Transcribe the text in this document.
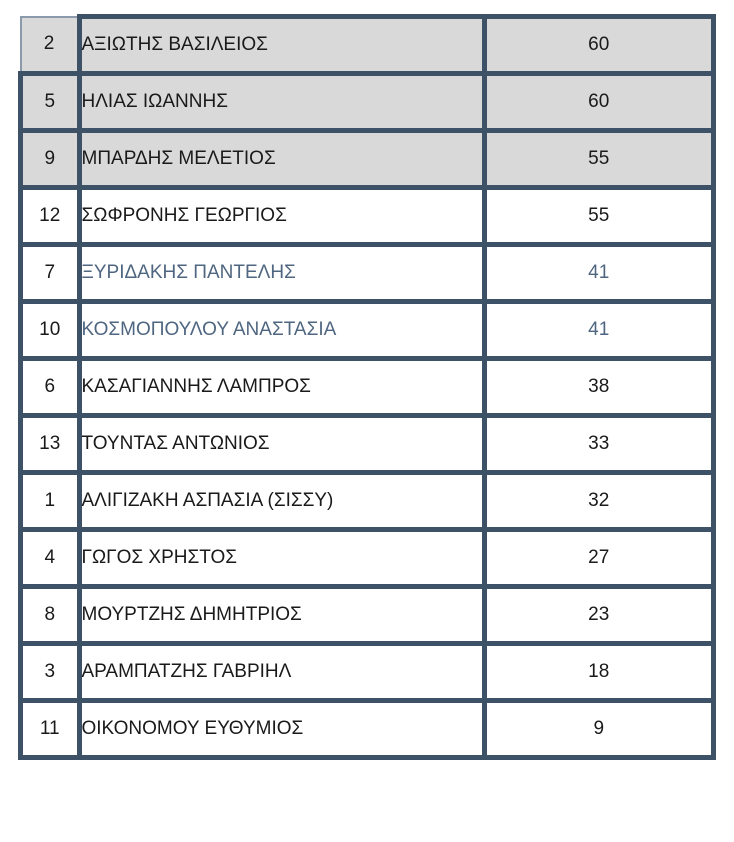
2	ΑΞΙΩΤΗΣ ΒΑΣΙΛΕΙΟΣ	60
5	ΗΛΙΑΣ ΙΩΑΝΝΗΣ	60
9	ΜΠΑΡΔΗΣ ΜΕΛΕΤΙΟΣ	55
12	ΣΩΦΡΟΝΗΣ ΓΕΩΡΓΙΟΣ	55
7	ΞΥΡΙΔΑΚΗΣ ΠΑΝΤΕΛΗΣ	41
10	ΚΟΣΜΟΠΟΥΛΟΥ ΑΝΑΣΤΑΣΙΑ	41
6	ΚΑΣΑΓΙΑΝΝΗΣ ΛΑΜΠΡΟΣ	38
13	ΤΟΥΝΤΑΣ ΑΝΤΩΝΙΟΣ	33
1	ΑΛΙΓΙΖΑΚΗ ΑΣΠΑΣΙΑ (ΣΙΣΣΥ)	32
4	ΓΩΓΟΣ ΧΡΗΣΤΟΣ	27
8	ΜΟΥΡΤΖΗΣ ΔΗΜΗΤΡΙΟΣ	23
3	ΑΡΑΜΠΑΤΖΗΣ ΓΑΒΡΙΗΛ	18
11	ΟΙΚΟΝΟΜΟΥ ΕΥΘΥΜΙΟΣ	9
